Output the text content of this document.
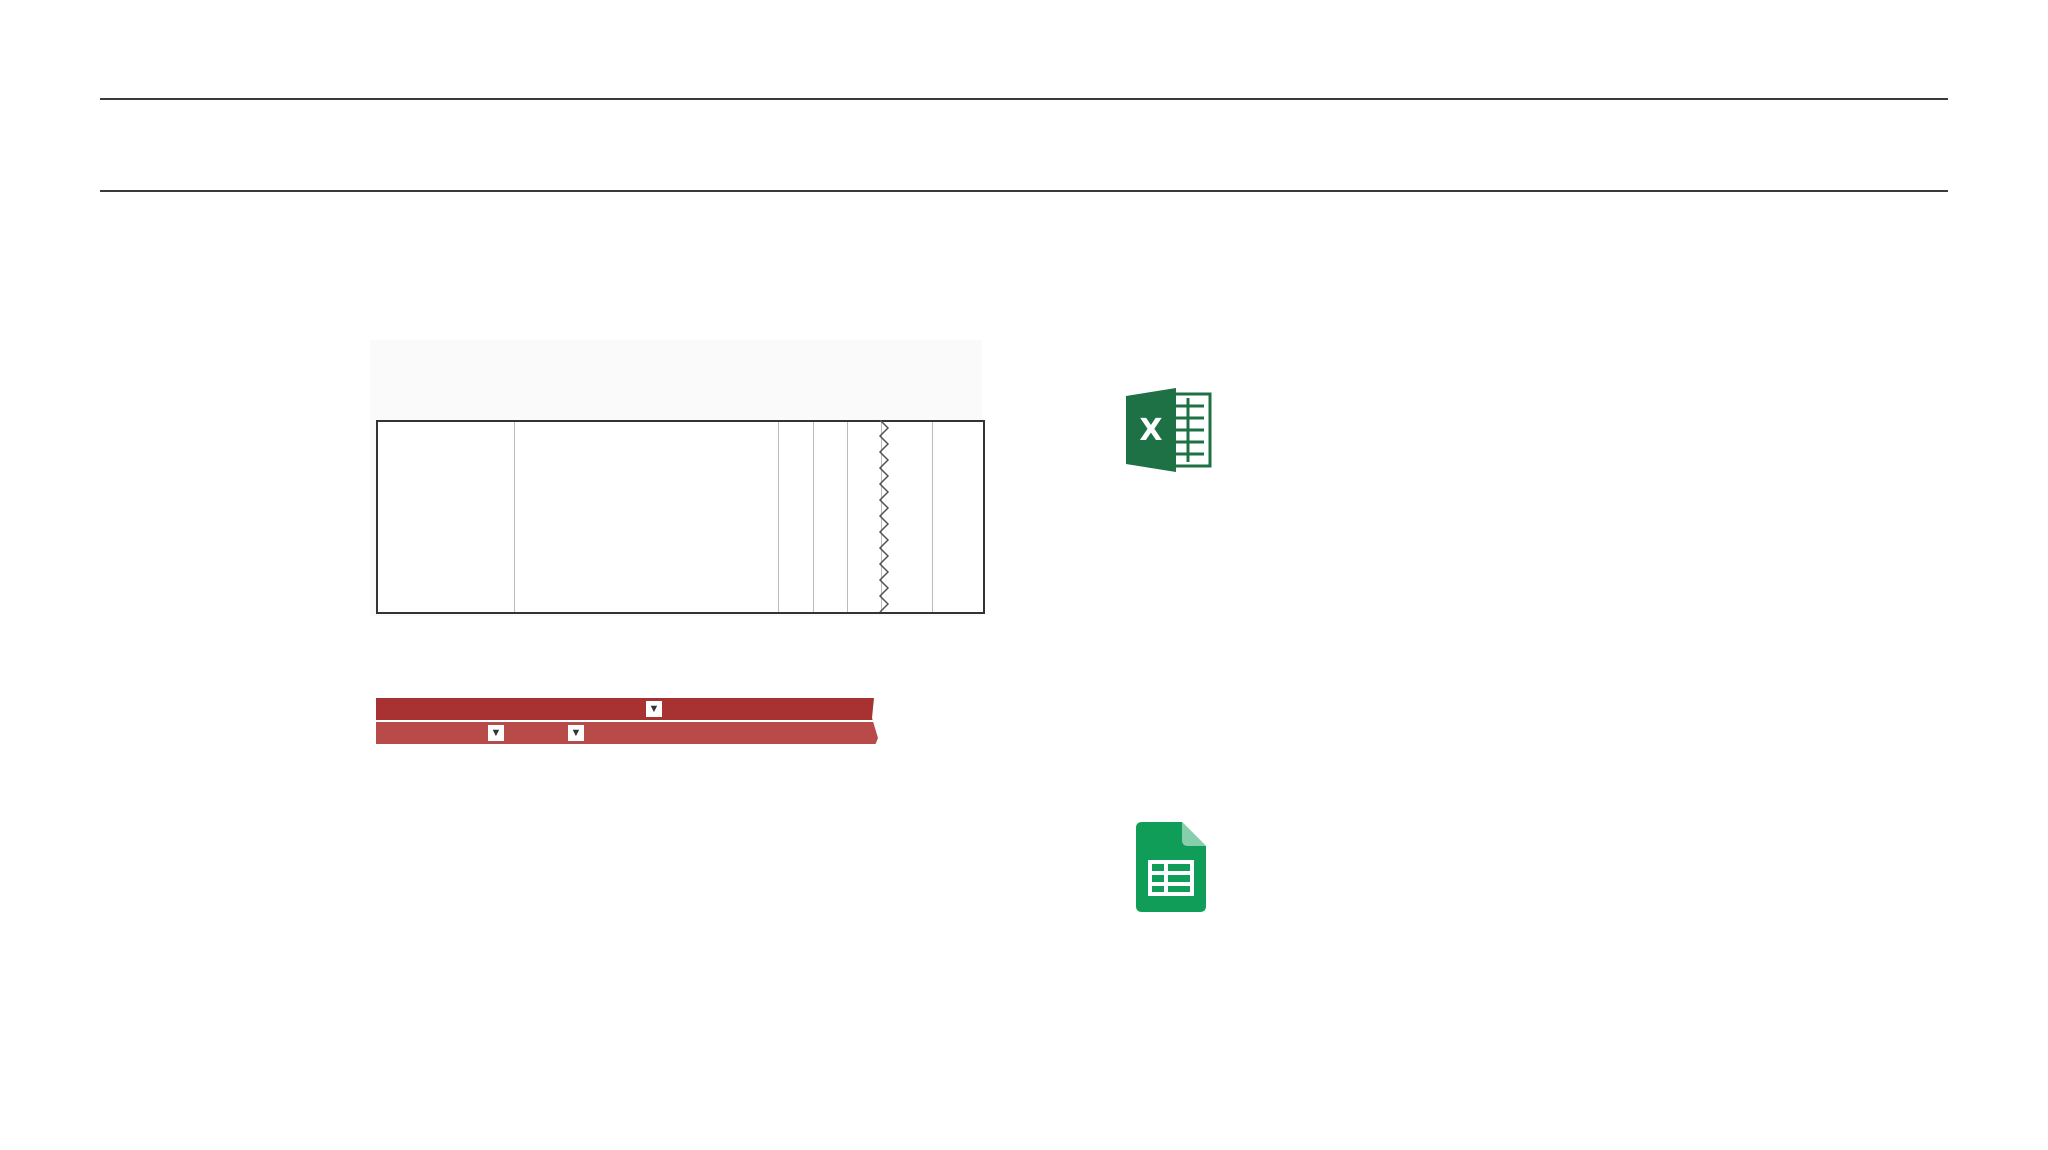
▼
▼	▼
X
